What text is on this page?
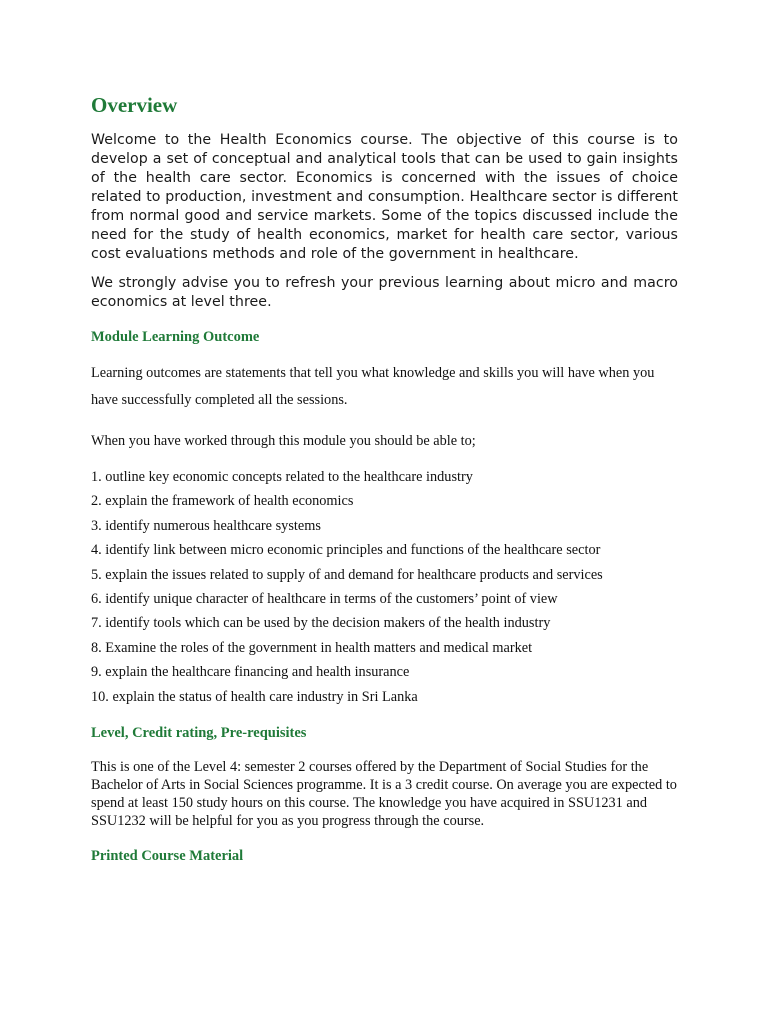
Overview

Welcome to the Health Economics course. The objective of this course is to develop a set of conceptual and analytical tools that can be used to gain insights of the health care sector. Economics is concerned with the issues of choice related to production, investment and consumption. Healthcare sector is different from normal good and service markets. Some of the topics discussed include the need for the study of health economics, market for health care sector, various cost evaluations methods and role of the government in healthcare.

We strongly advise you to refresh your previous learning about micro and macro economics at level three.

Module Learning Outcome

Learning outcomes are statements that tell you what knowledge and skills you will have when you have successfully completed all the sessions.

When you have worked through this module you should be able to;

1. outline key economic concepts related to the healthcare industry
2. explain the framework of health economics
3. identify numerous healthcare systems
4. identify link between micro economic principles and functions of the healthcare sector
5. explain the issues related to supply of and demand for healthcare products and services
6. identify unique character of healthcare in terms of the customers’ point of view
7. identify tools which can be used by the decision makers of the health industry
8. Examine the roles of the government in health matters and medical market
9. explain the healthcare financing and health insurance
10. explain the status of health care industry in Sri Lanka
Level, Credit rating, Pre-requisites

This is one of the Level 4: semester 2 courses offered by the Department of Social Studies for the Bachelor of Arts in Social Sciences programme. It is a 3 credit course. On average you are expected to spend at least 150 study hours on this course. The knowledge you have acquired in SSU1231 and SSU1232 will be helpful for you as you progress through the course.

Printed Course Material
